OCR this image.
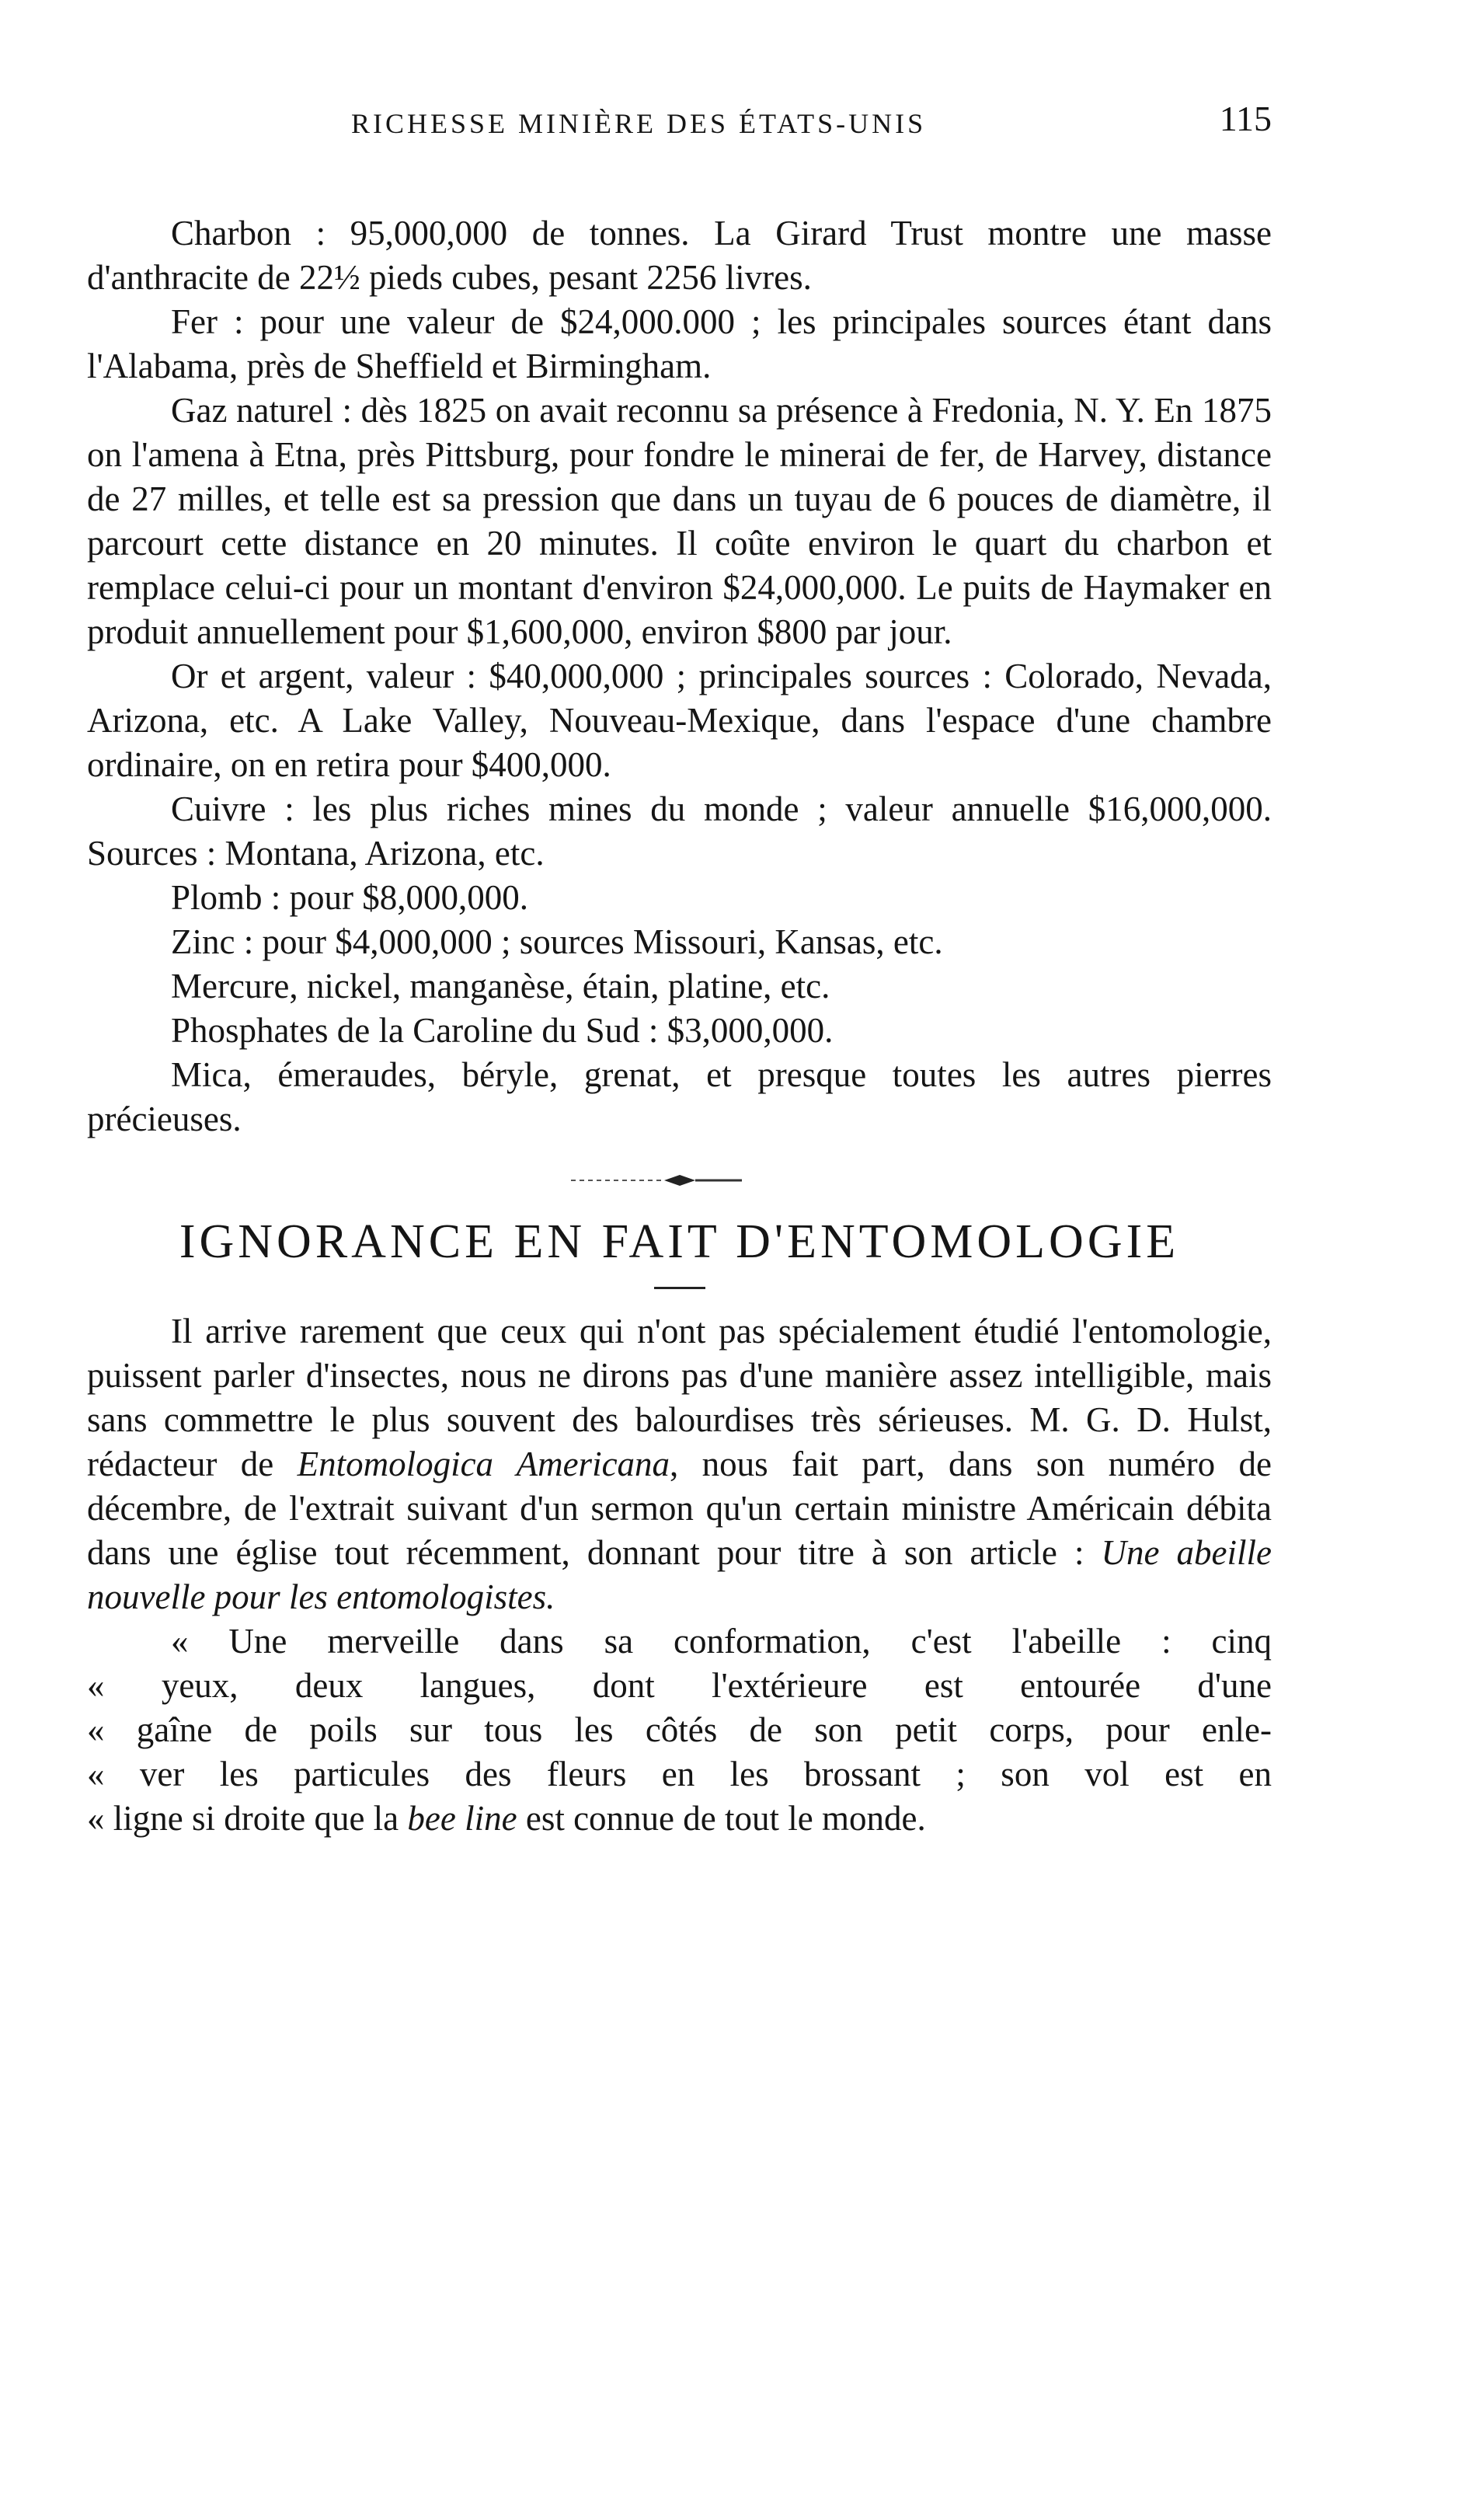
RICHESSE MINIÈRE DES ÉTATS-UNIS	115

Charbon : 95,000,000 de tonnes. La Girard Trust montre une masse d'anthracite de 22½ pieds cubes, pesant 2256 livres.

Fer : pour une valeur de $24,000.000 ; les principales sources étant dans l'Alabama, près de Sheffield et Birmingham.

Gaz naturel : dès 1825 on avait reconnu sa présence à Fredonia, N. Y. En 1875 on l'amena à Etna, près Pittsburg, pour fondre le minerai de fer, de Harvey, distance de 27 milles, et telle est sa pression que dans un tuyau de 6 pouces de diamètre, il parcourt cette distance en 20 minutes. Il coûte environ le quart du charbon et remplace celui-ci pour un montant d'environ $24,000,000. Le puits de Haymaker en produit annuellement pour $1,600,000, environ $800 par jour.

Or et argent, valeur : $40,000,000 ; principales sources : Colorado, Nevada, Arizona, etc. A Lake Valley, Nouveau-Mexique, dans l'espace d'une chambre ordinaire, on en retira pour $400,000.

Cuivre : les plus riches mines du monde ; valeur annuelle $16,000,000. Sources : Montana, Arizona, etc.

Plomb : pour $8,000,000.

Zinc : pour $4,000,000 ; sources Missouri, Kansas, etc.

Mercure, nickel, manganèse, étain, platine, etc.

Phosphates de la Caroline du Sud : $3,000,000.

Mica, émeraudes, béryle, grenat, et presque toutes les autres pierres précieuses.

IGNORANCE EN FAIT D'ENTOMOLOGIE

Il arrive rarement que ceux qui n'ont pas spécialement étudié l'entomologie, puissent parler d'insectes, nous ne dirons pas d'une manière assez intelligible, mais sans commettre le plus souvent des balourdises très sérieuses. M. G. D. Hulst, rédacteur de Entomologica Americana, nous fait part, dans son numéro de décembre, de l'extrait suivant d'un sermon qu'un certain ministre Américain débita dans une église tout récemment, donnant pour titre à son article : Une abeille nouvelle pour les entomologistes.

« Une merveille dans sa conformation, c'est l'abeille : cinq

« yeux, deux langues, dont l'extérieure est entourée d'une

« gaîne de poils sur tous les côtés de son petit corps, pour enle-

« ver les particules des fleurs en les brossant ; son vol est en

« ligne si droite que la bee line est connue de tout le monde.
